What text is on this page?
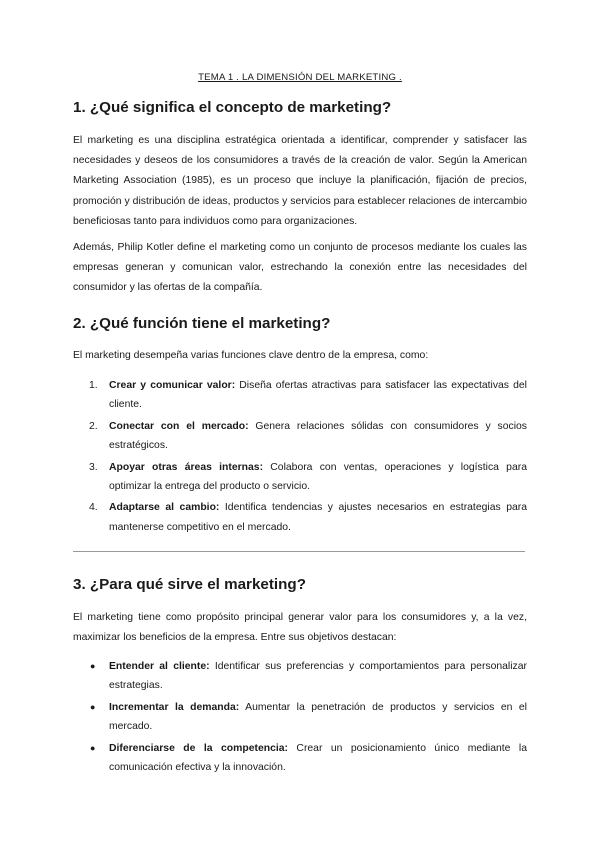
TEMA 1 . LA DIMENSIÓN DEL MARKETING .
1. ¿Qué significa el concepto de marketing?

El marketing es una disciplina estratégica orientada a identificar, comprender y satisfacer las necesidades y deseos de los consumidores a través de la creación de valor. Según la American Marketing Association (1985), es un proceso que incluye la planificación, fijación de precios, promoción y distribución de ideas, productos y servicios para establecer relaciones de intercambio beneficiosas tanto para individuos como para organizaciones.

Además, Philip Kotler define el marketing como un conjunto de procesos mediante los cuales las empresas generan y comunican valor, estrechando la conexión entre las necesidades del consumidor y las ofertas de la compañía.

2. ¿Qué función tiene el marketing?

El marketing desempeña varias funciones clave dentro de la empresa, como:

1. Crear y comunicar valor: Diseña ofertas atractivas para satisfacer las expectativas del cliente.
2. Conectar con el mercado: Genera relaciones sólidas con consumidores y socios estratégicos.
3. Apoyar otras áreas internas: Colabora con ventas, operaciones y logística para optimizar la entrega del producto o servicio.
4. Adaptarse al cambio: Identifica tendencias y ajustes necesarios en estrategias para mantenerse competitivo en el mercado.
3. ¿Para qué sirve el marketing?

El marketing tiene como propósito principal generar valor para los consumidores y, a la vez, maximizar los beneficios de la empresa. Entre sus objetivos destacan:

● Entender al cliente: Identificar sus preferencias y comportamientos para personalizar estrategias.
● Incrementar la demanda: Aumentar la penetración de productos y servicios en el mercado.
● Diferenciarse de la competencia: Crear un posicionamiento único mediante la comunicación efectiva y la innovación.
